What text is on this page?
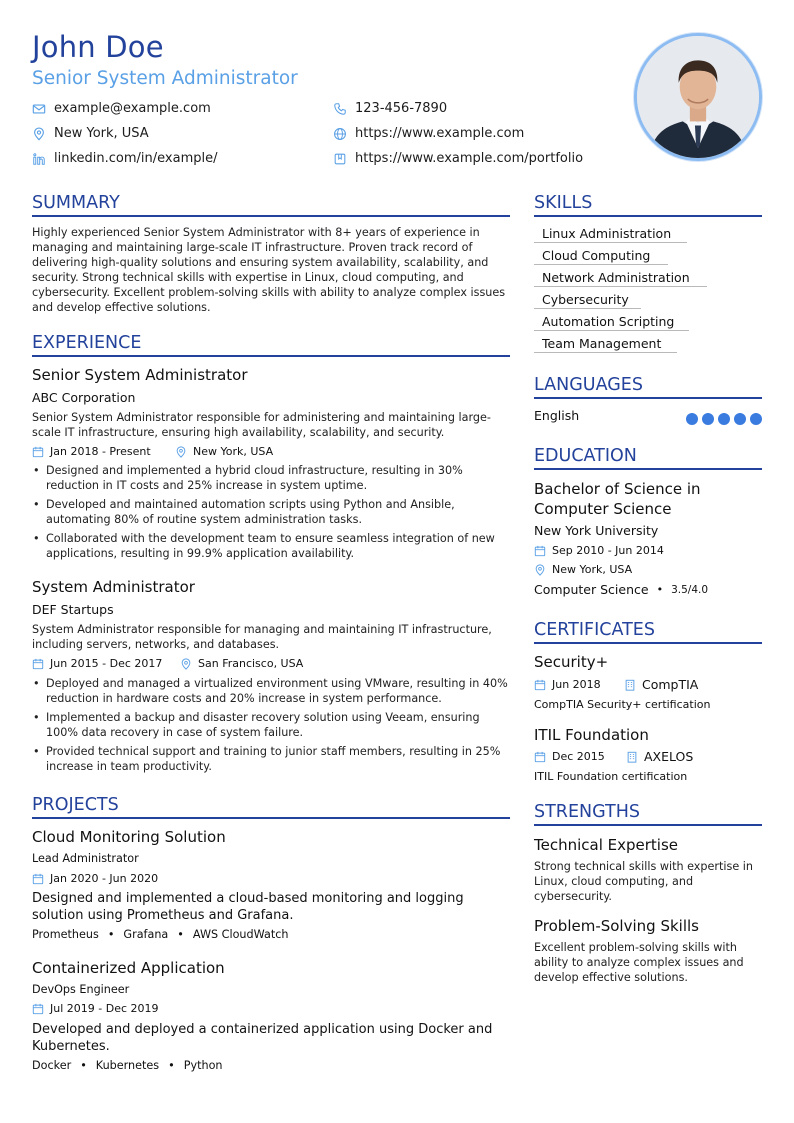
John Doe
Senior System Administrator
example@example.com	123-456-7890
New York, USA	https://www.example.com
linkedin.com/in/example/	https://www.example.com/portfolio
SUMMARY
Highly experienced Senior System Administrator with 8+ years of experience in managing and maintaining large-scale IT infrastructure. Proven track record of delivering high-quality solutions and ensuring system availability, scalability, and security. Strong technical skills with expertise in Linux, cloud computing, and cybersecurity. Excellent problem-solving skills with ability to analyze complex issues and develop effective solutions.
EXPERIENCE
Senior System Administrator
ABC Corporation
Senior System Administrator responsible for administering and maintaining large-scale IT infrastructure, ensuring high availability, scalability, and security.
Jan 2018 - Present	New York, USA
• Designed and implemented a hybrid cloud infrastructure, resulting in 30% reduction in IT costs and 25% increase in system uptime.
• Developed and maintained automation scripts using Python and Ansible, automating 80% of routine system administration tasks.
• Collaborated with the development team to ensure seamless integration of new applications, resulting in 99.9% application availability.
System Administrator
DEF Startups
System Administrator responsible for managing and maintaining IT infrastructure, including servers, networks, and databases.
Jun 2015 - Dec 2017	San Francisco, USA
• Deployed and managed a virtualized environment using VMware, resulting in 40% reduction in hardware costs and 20% increase in system performance.
• Implemented a backup and disaster recovery solution using Veeam, ensuring 100% data recovery in case of system failure.
• Provided technical support and training to junior staff members, resulting in 25% increase in team productivity.
PROJECTS
Cloud Monitoring Solution
Lead Administrator
Jan 2020 - Jun 2020
Designed and implemented a cloud-based monitoring and logging solution using Prometheus and Grafana.
Prometheus • Grafana • AWS CloudWatch
Containerized Application
DevOps Engineer
Jul 2019 - Dec 2019
Developed and deployed a containerized application using Docker and Kubernetes.
Docker • Kubernetes • Python
SKILLS
Linux Administration
Cloud Computing
Network Administration
Cybersecurity
Automation Scripting
Team Management
LANGUAGES
English
EDUCATION
Bachelor of Science in Computer Science
New York University
Sep 2010 - Jun 2014
New York, USA
Computer Science • 3.5/4.0
CERTIFICATES
Security+
Jun 2018	CompTIA
CompTIA Security+ certification
ITIL Foundation
Dec 2015	AXELOS
ITIL Foundation certification
STRENGTHS
Technical Expertise
Strong technical skills with expertise in Linux, cloud computing, and cybersecurity.
Problem-Solving Skills
Excellent problem-solving skills with ability to analyze complex issues and develop effective solutions.
